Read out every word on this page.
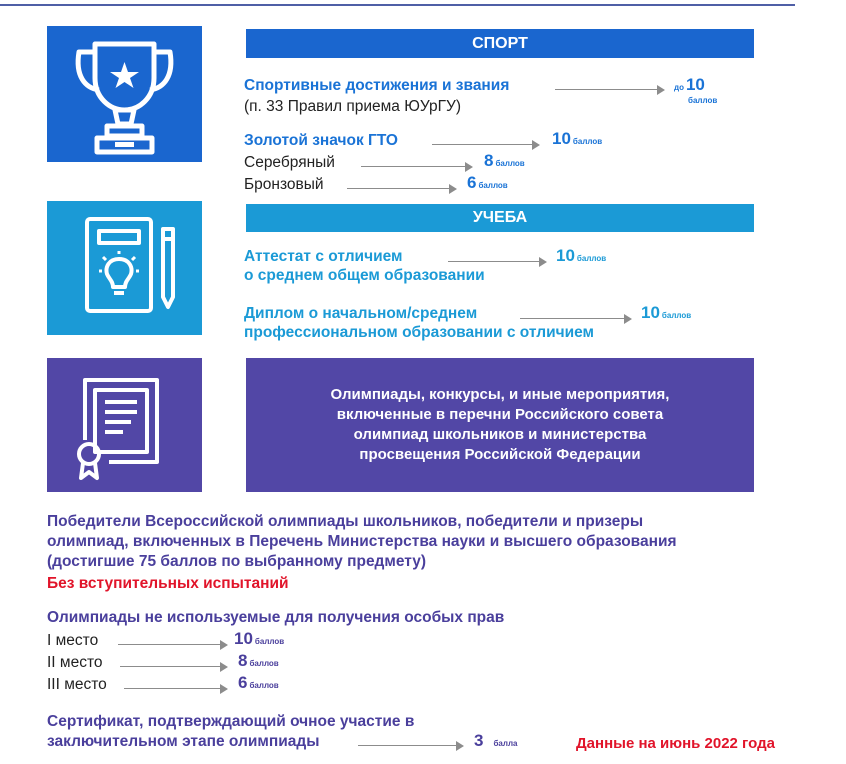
СПОРТ
Спортивные достижения и звания
(п. 33 Правил приема ЮУрГУ)
до 10
баллов
Золотой значок ГТО	10 баллов
Серебряный	8 баллов
Бронзовый	6 баллов
УЧЕБА
Аттестат с отличием
о среднем общем образовании
10 баллов
Диплом о начальном/среднем
профессиональном образовании с отличием
10 баллов
Олимпиады, конкурсы, и иные мероприятия,
включенные в перечни Российского совета
олимпиад школьников и министерства
просвещения Российской Федерации
Победители Всероссийской олимпиады школьников, победители и призеры
олимпиад, включенных в Перечень Министерства науки и высшего образования
(достигшие 75 баллов по выбранному предмету)
Без вступительных испытаний
Олимпиады не используемые для получения особых прав
I место	10 баллов
II место	8 баллов
III место	6 баллов
Сертификат, подтверждающий очное участие в
заключительном этапе олимпиады	3 балла	Данные на июнь 2022 года
